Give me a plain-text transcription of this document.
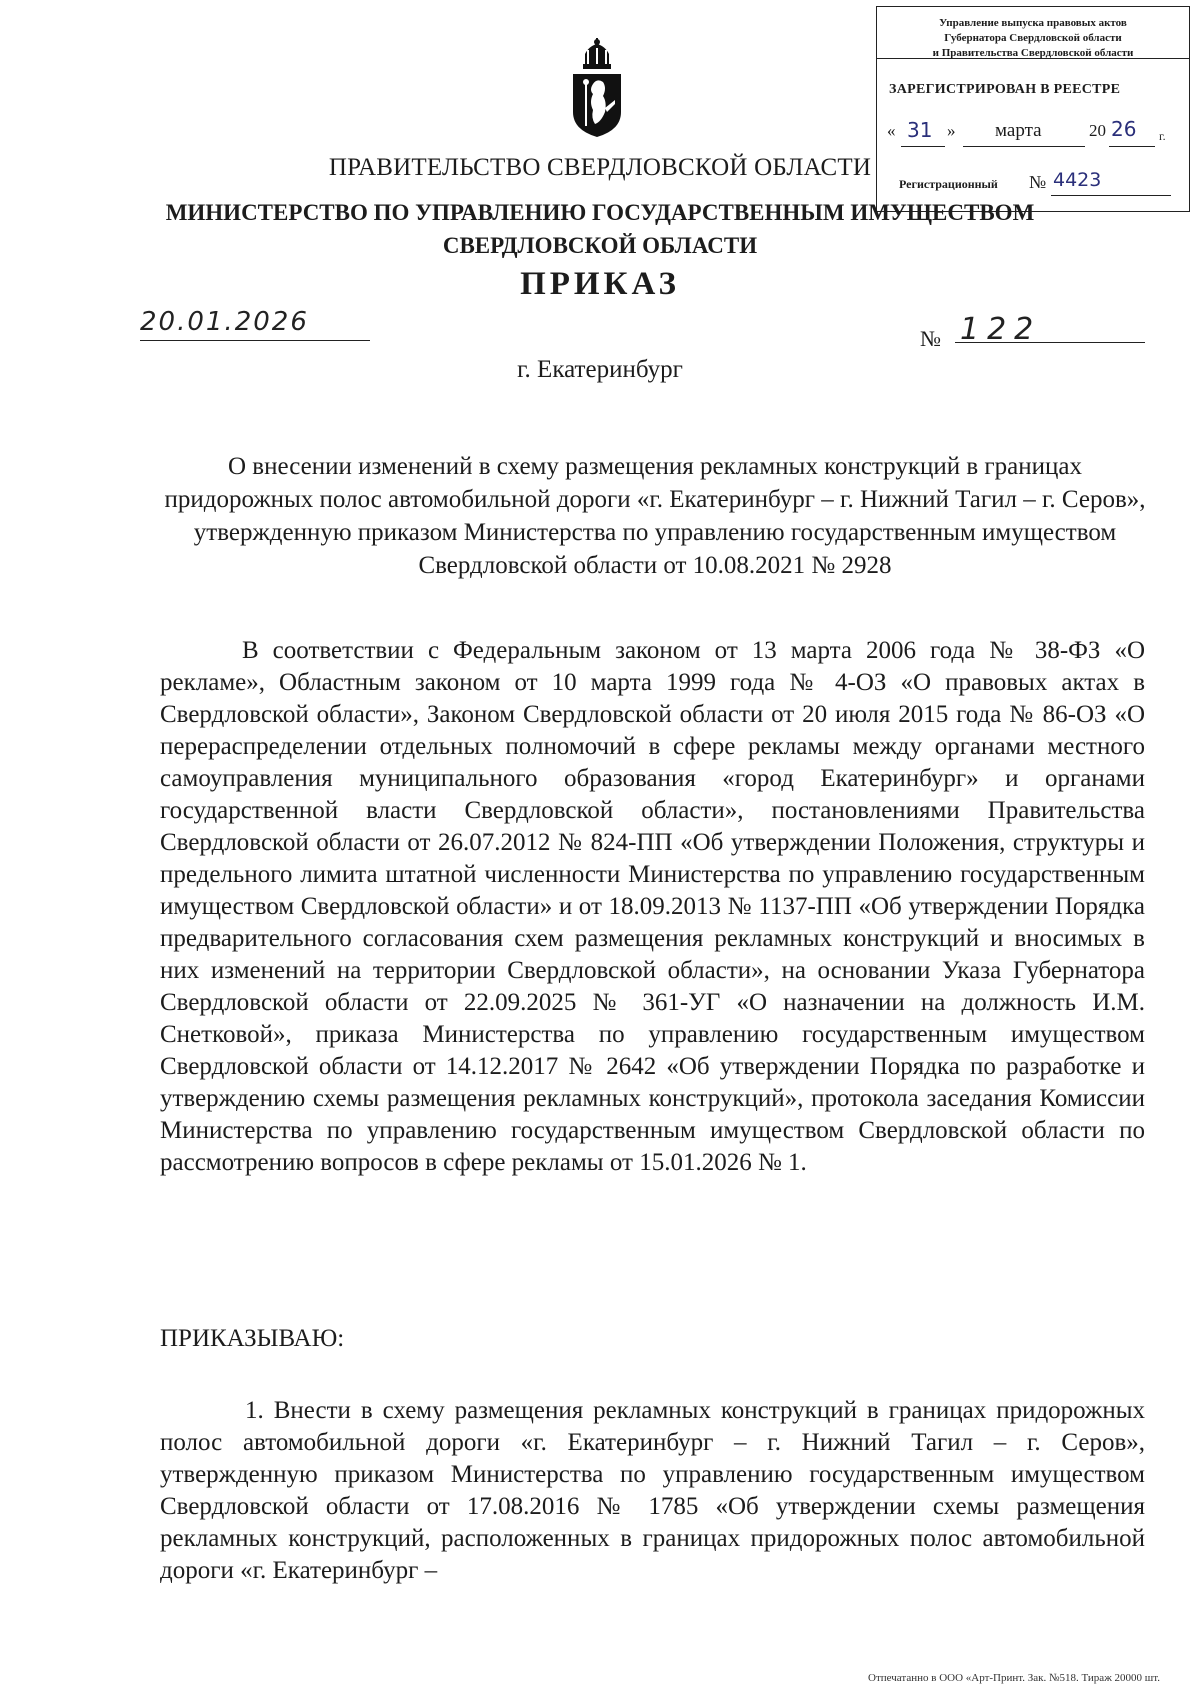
Управление выпуска правовых актов
Губернатора Свердловской области
и Правительства Свердловской области
ЗАРЕГИСТРИРОВАН В РЕЕСТРЕ
« 31 » марта	20 26 г.
Регистрационный № 4423
ПРАВИТЕЛЬСТВО СВЕРДЛОВСКОЙ ОБЛАСТИ
МИНИСТЕРСТВО ПО УПРАВЛЕНИЮ ГОСУДАРСТВЕННЫМ ИМУЩЕСТВОМ
СВЕРДЛОВСКОЙ ОБЛАСТИ
ПРИКАЗ
20.01.2026
№ 122
г. Екатеринбург
О внесении изменений в схему размещения рекламных конструкций в границах придорожных полос автомобильной дороги «г. Екатеринбург – г. Нижний Тагил – г. Серов», утвержденную приказом Министерства по управлению государственным имуществом Свердловской области от 10.08.2021 № 2928
В соответствии с Федеральным законом от 13 марта 2006 года № 38-ФЗ «О рекламе», Областным законом от 10 марта 1999 года № 4-ОЗ «О правовых актах в Свердловской области», Законом Свердловской области от 20 июля 2015 года № 86-ОЗ «О перераспределении отдельных полномочий в сфере рекламы между органами местного самоуправления муниципального образования «город Екатеринбург» и органами государственной власти Свердловской области», постановлениями Правительства Свердловской области от 26.07.2012 № 824-ПП «Об утверждении Положения, структуры и предельного лимита штатной численности Министерства по управлению государственным имуществом Свердловской области» и от 18.09.2013 № 1137-ПП «Об утверждении Порядка предварительного согласования схем размещения рекламных конструкций и вносимых в них изменений на территории Свердловской области», на основании Указа Губернатора Свердловской области от 22.09.2025 № 361-УГ «О назначении на должность И.М. Снетковой», приказа Министерства по управлению государственным имуществом Свердловской области от 14.12.2017 № 2642 «Об утверждении Порядка по разработке и утверждению схемы размещения рекламных конструкций», протокола заседания Комиссии Министерства по управлению государственным имуществом Свердловской области по рассмотрению вопросов в сфере рекламы от 15.01.2026 № 1.
ПРИКАЗЫВАЮ:
1. Внести в схему размещения рекламных конструкций в границах придорожных полос автомобильной дороги «г. Екатеринбург – г. Нижний Тагил – г. Серов», утвержденную приказом Министерства по управлению государственным имуществом Свердловской области от 17.08.2016 № 1785 «Об утверждении схемы размещения рекламных конструкций, расположенных в границах придорожных полос автомобильной дороги «г. Екатеринбург –
Отпечатанно в ООО «Арт-Принт. Зак. №518. Тираж 20000 шт.
